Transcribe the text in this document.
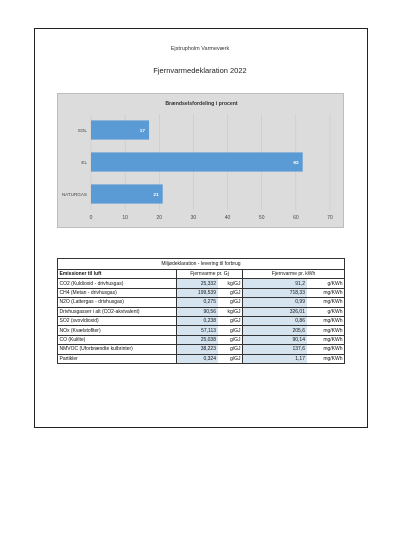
Ejstrupholm Varmeværk
Fjernvarmedeklaration 2022
Brændselsfordeling i procent
0	10	20	30	40	50	60	70
SOL	17
EL	62
NATURGAS	21
Miljødeklaration - levering til forbrug				
Emissioner til luft	Fjernvarme pr. Gj		Fjernvarme pr. kWh	
CO2 (Kuldioxid - drivhusgas)	25,332	kg/GJ	91,2	g/KWh
CH4 (Metan - drivhusgas)	199,539	g/GJ	718,33	mg/KWh
N2O (Lattergas - drivhusgas)	0,275	g/GJ	0,99	mg/KWh
Drivhusgasser i alt (CO2-akvivalent)	90,56	kg/GJ	326,01	g/KWh
SO2 (svovldioxid)	0,238	g/GJ	0,86	mg/KWh
NOx (Kvælstoflter)	57,113	g/GJ	205,6	mg/KWh
CO (Kulilte)	25,038	g/GJ	90,14	mg/KWh
NMVOC (Uforbrændte kulbrinter)	38,223	g/GJ	137,6	mg/KWh
Partikler	0,324	g/GJ	1,17	mg/KWh
